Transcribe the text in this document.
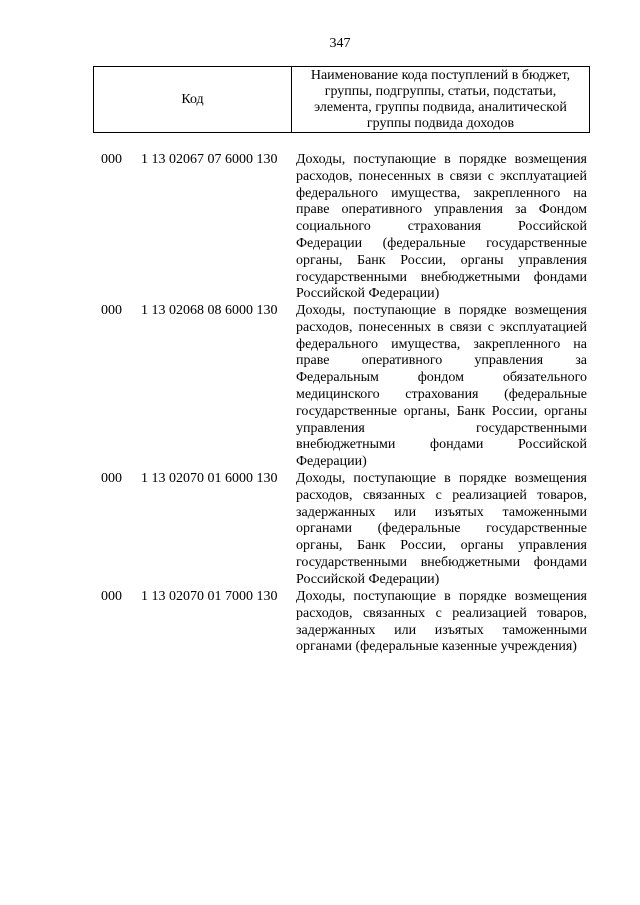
347
Код
Наименование кода поступлений в бюджет, группы, подгруппы, статьи, подстатьи, элемента, группы подвида, аналитической группы подвида доходов
000 1 13 02067 07 6000 130 Доходы, поступающие в порядке возмещения
расходов, понесенных в связи с эксплуатацией
федерального имущества, закрепленного на
праве оперативного управления за Фондом
социального страхования Российской
Федерации (федеральные государственные
органы, Банк России, органы управления
государственными внебюджетными фондами
Российской Федерации)
000 1 13 02068 08 6000 130 Доходы, поступающие в порядке возмещения
расходов, понесенных в связи с эксплуатацией
федерального имущества, закрепленного на
праве оперативного управления за
Федеральным фондом обязательного
медицинского страхования (федеральные
государственные органы, Банк России, органы
управления государственными
внебюджетными фондами Российской
Федерации)
000 1 13 02070 01 6000 130 Доходы, поступающие в порядке возмещения
расходов, связанных с реализацией товаров,
задержанных или изъятых таможенными
органами (федеральные государственные
органы, Банк России, органы управления
государственными внебюджетными фондами
Российской Федерации)
000 1 13 02070 01 7000 130 Доходы, поступающие в порядке возмещения
расходов, связанных с реализацией товаров,
задержанных или изъятых таможенными
органами (федеральные казенные учреждения)
